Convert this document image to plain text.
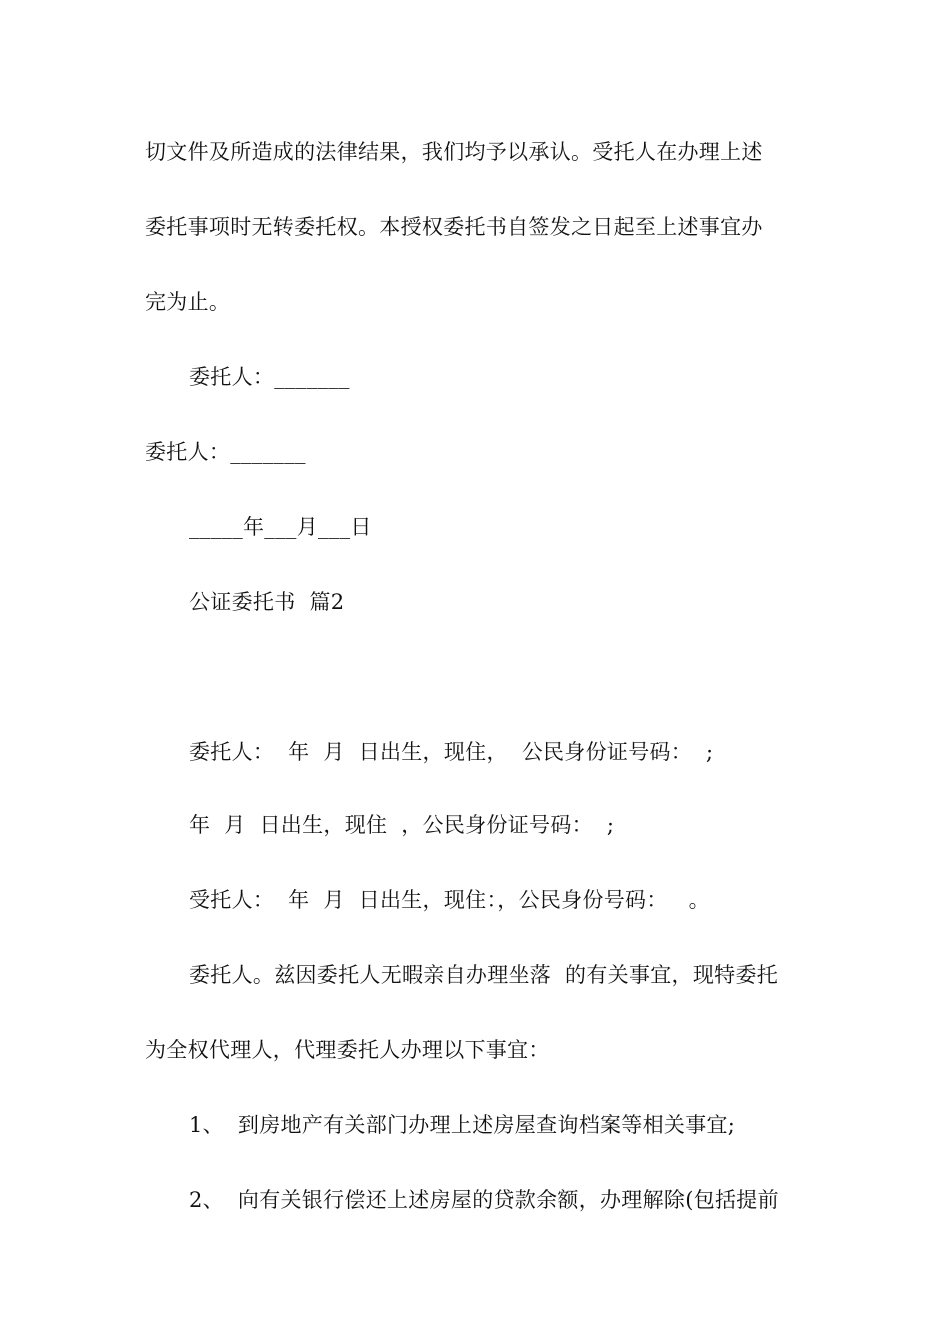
切文件及所造成的法律结果，我们均予以承认。受托人在办理上述
委托事项时无转委托权。本授权委托书自签发之日起至上述事宜办
完为止。
委托人：_______
委托人：_______
_____年___月___日
公证委托书  篇2
委托人：  年  月  日出生，现住，  公民身份证号码：  ;
年  月  日出生，现住  ，公民身份证号码：  ;
受托人：  年  月  日出生，现住：，公民身份号码：   。
委托人。兹因委托人无暇亲自办理坐落  的有关事宜，现特委托
为全权代理人，代理委托人办理以下事宜：
1、  到房地产有关部门办理上述房屋查询档案等相关事宜;
2、  向有关银行偿还上述房屋的贷款余额，办理解除(包括提前
